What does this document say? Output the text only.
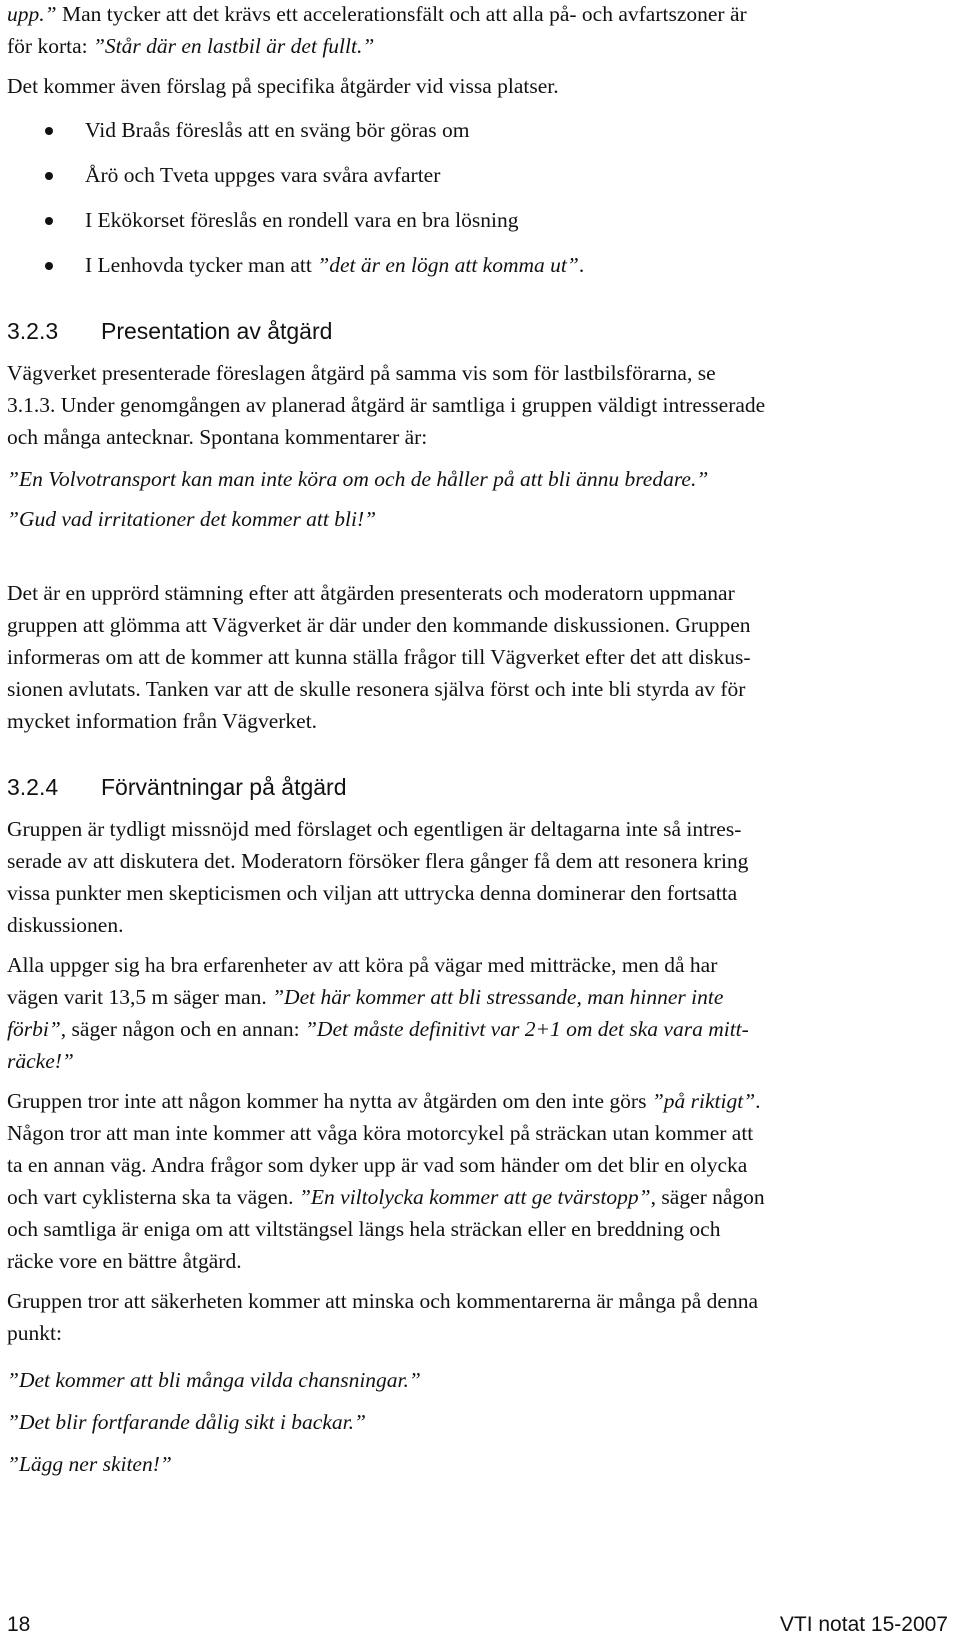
upp.” Man tycker att det krävs ett accelerationsfält och att alla på- och avfartszoner är

för korta: ”Står där en lastbil är det fullt.”

Det kommer även förslag på specifika åtgärder vid vissa platser.

Vid Braås föreslås att en sväng bör göras om
Årö och Tveta uppges vara svåra avfarter
I Ekökorset föreslås en rondell vara en bra lösning
I Lenhovda tycker man att ”det är en lögn att komma ut”.
3.2.3 Presentation av åtgärd

Vägverket presenterade föreslagen åtgärd på samma vis som för lastbilsförarna, se

3.1.3. Under genomgången av planerad åtgärd är samtliga i gruppen väldigt intresserade

och många antecknar. Spontana kommentarer är:

”En Volvotransport kan man inte köra om och de håller på att bli ännu bredare.”

”Gud vad irritationer det kommer att bli!”

Det är en upprörd stämning efter att åtgärden presenterats och moderatorn uppmanar

gruppen att glömma att Vägverket är där under den kommande diskussionen. Gruppen

informeras om att de kommer att kunna ställa frågor till Vägverket efter det att diskus-

sionen avlutats. Tanken var att de skulle resonera själva först och inte bli styrda av för

mycket information från Vägverket.

3.2.4 Förväntningar på åtgärd

Gruppen är tydligt missnöjd med förslaget och egentligen är deltagarna inte så intres-

serade av att diskutera det. Moderatorn försöker flera gånger få dem att resonera kring

vissa punkter men skepticismen och viljan att uttrycka denna dominerar den fortsatta

diskussionen.

Alla uppger sig ha bra erfarenheter av att köra på vägar med mitträcke, men då har

vägen varit 13,5 m säger man. ”Det här kommer att bli stressande, man hinner inte

förbi”, säger någon och en annan: ”Det måste definitivt var 2+1 om det ska vara mitt-

räcke!”

Gruppen tror inte att någon kommer ha nytta av åtgärden om den inte görs ”på riktigt”.

Någon tror att man inte kommer att våga köra motorcykel på sträckan utan kommer att

ta en annan väg. Andra frågor som dyker upp är vad som händer om det blir en olycka

och vart cyklisterna ska ta vägen. ”En viltolycka kommer att ge tvärstopp”, säger någon

och samtliga är eniga om att viltstängsel längs hela sträckan eller en breddning och

räcke vore en bättre åtgärd.

Gruppen tror att säkerheten kommer att minska och kommentarerna är många på denna

punkt:

”Det kommer att bli många vilda chansningar.”

”Det blir fortfarande dålig sikt i backar.”

”Lägg ner skiten!”

18	VTI notat 15-2007
